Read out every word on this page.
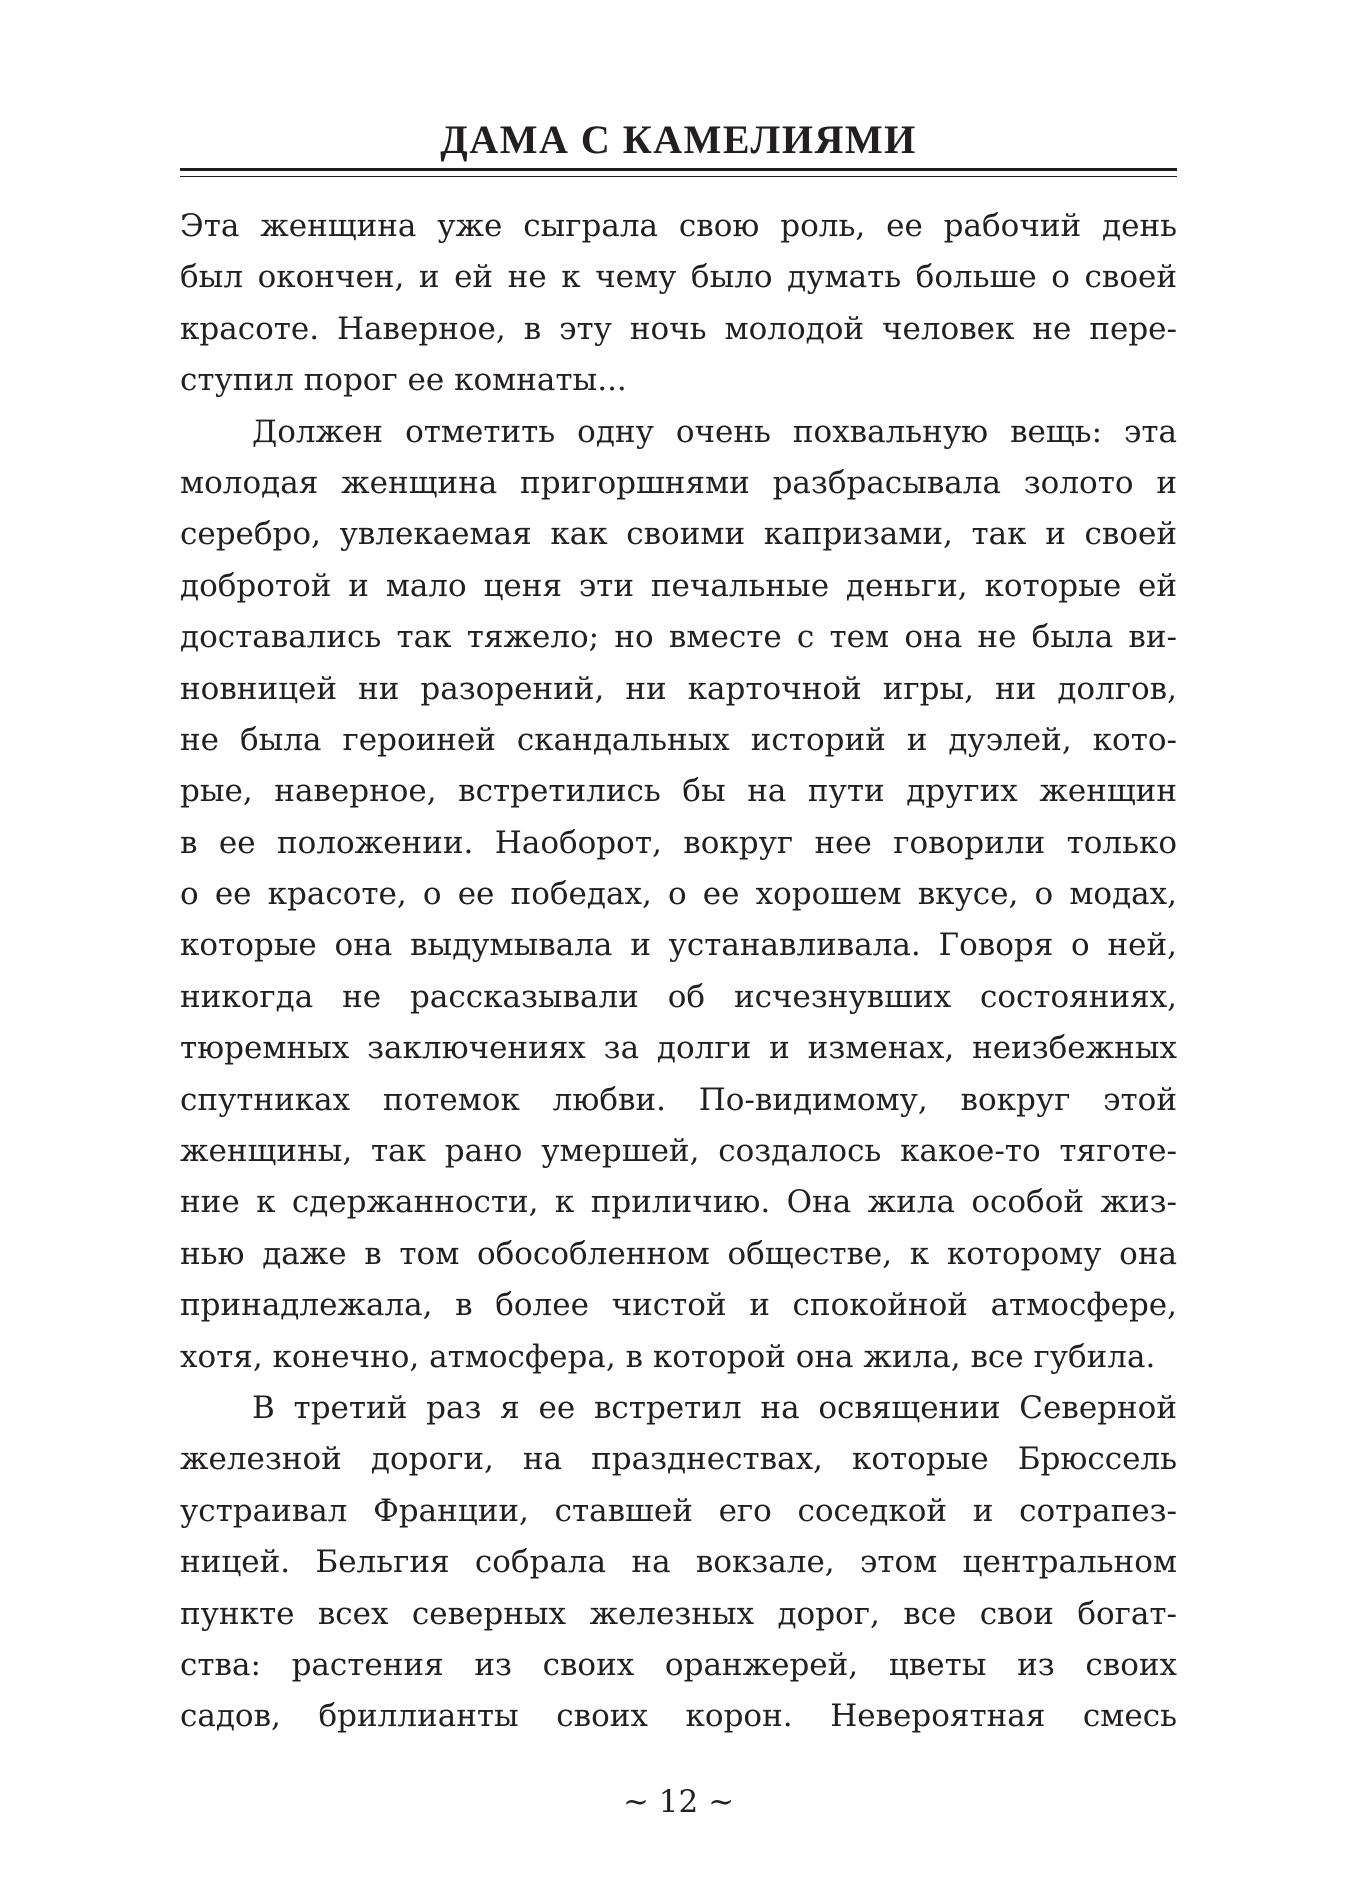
ДАМА С КАМЕЛИЯМИ
Эта женщина уже сыграла свою роль, ее рабочий день
был окончен, и ей не к чему было думать больше о своей
красоте. Наверное, в эту ночь молодой человек не пере-
ступил порог ее комнаты...
Должен отметить одну очень похвальную вещь: эта
молодая женщина пригоршнями разбрасывала золото и
серебро, увлекаемая как своими капризами, так и своей
добротой и мало ценя эти печальные деньги, которые ей
доставались так тяжело; но вместе с тем она не была ви-
новницей ни разорений, ни карточной игры, ни долгов,
не была героиней скандальных историй и дуэлей, кото-
рые, наверное, встретились бы на пути других женщин
в ее положении. Наоборот, вокруг нее говорили только
о ее красоте, о ее победах, о ее хорошем вкусе, о модах,
которые она выдумывала и устанавливала. Говоря о ней,
никогда не рассказывали об исчезнувших состояниях,
тюремных заключениях за долги и изменах, неизбежных
спутниках потемок любви. По-видимому, вокруг этой
женщины, так рано умершей, создалось какое-то тяготе-
ние к сдержанности, к приличию. Она жила особой жиз-
нью даже в том обособленном обществе, к которому она
принадлежала, в более чистой и спокойной атмосфере,
хотя, конечно, атмосфера, в которой она жила, все губила.
В третий раз я ее встретил на освящении Северной
железной дороги, на празднествах, которые Брюссель
устраивал Франции, ставшей его соседкой и сотрапез-
ницей. Бельгия собрала на вокзале, этом центральном
пункте всех северных железных дорог, все свои богат-
ства: растения из своих оранжерей, цветы из своих
садов, бриллианты своих корон. Невероятная смесь
~ 12 ~
